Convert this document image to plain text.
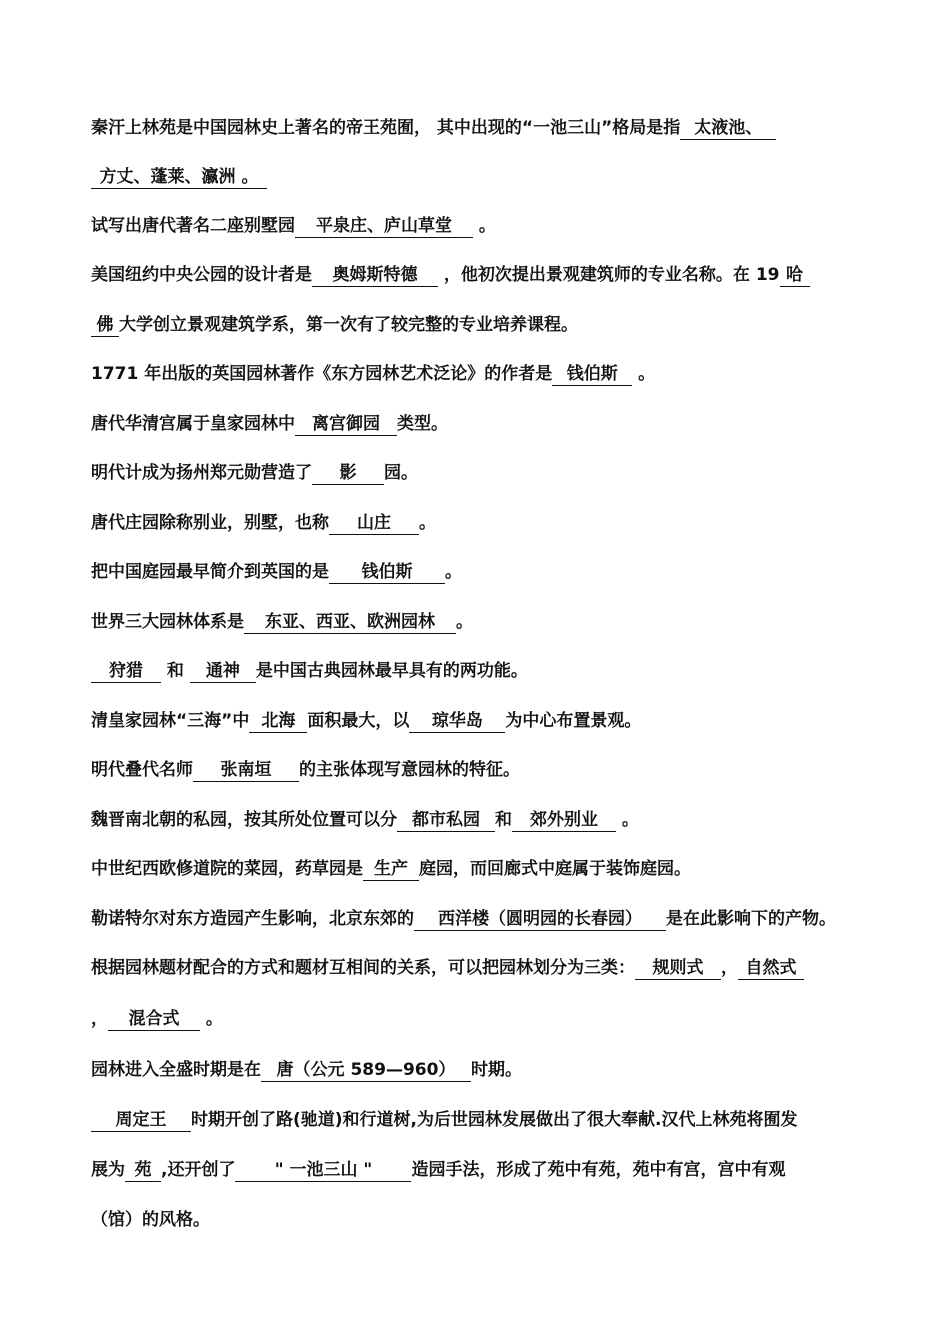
秦汗上林苑是中国园林史上著名的帝王苑囿， 其中出现的“一池三山”格局是指 太液池、
方丈、蓬莱、瀛洲 。
试写出唐代著名二座别墅园 平泉庄、庐山草堂 。
美国纽约中央公园的设计者是 奥姆斯特德 ，他初次提出景观建筑师的专业名称。在 19 哈
佛 大学创立景观建筑学系，第一次有了较完整的专业培养课程。
1771 年出版的英国园林著作《东方园林艺术泛论》的作者是 钱伯斯 。
唐代华清宫属于皇家园林中 离宫御园 类型。
明代计成为扬州郑元勋营造了 影 园。
唐代庄园除称别业，别墅，也称 山庄 。
把中国庭园最早简介到英国的是 钱伯斯 。
世界三大园林体系是 东亚、西亚、欧洲园林 。
狩猎 和 通神 是中国古典园林最早具有的两功能。
清皇家园林“三海”中 北海 面积最大，以 琼华岛 为中心布置景观。
明代叠代名师 张南垣 的主张体现写意园林的特征。
魏晋南北朝的私园，按其所处位置可以分 都市私园 和 郊外别业 。
中世纪西欧修道院的菜园，药草园是 生产 庭园，而回廊式中庭属于装饰庭园。
勒诺特尔对东方造园产生影响，北京东郊的 西洋楼（圆明园的长春园） 是在此影响下的产物。
根据园林题材配合的方式和题材互相间的关系，可以把园林划分为三类： 规则式 ， 自然式
， 混合式 。
园林进入全盛时期是在 唐（公元 589—960） 时期。
周定王 时期开创了路(驰道)和行道树,为后世园林发展做出了很大奉献.汉代上林苑将囿发
展为 苑 ,还开创了 " 一池三山 " 造园手法，形成了苑中有苑，苑中有宫，宫中有观
（馆）的风格。
